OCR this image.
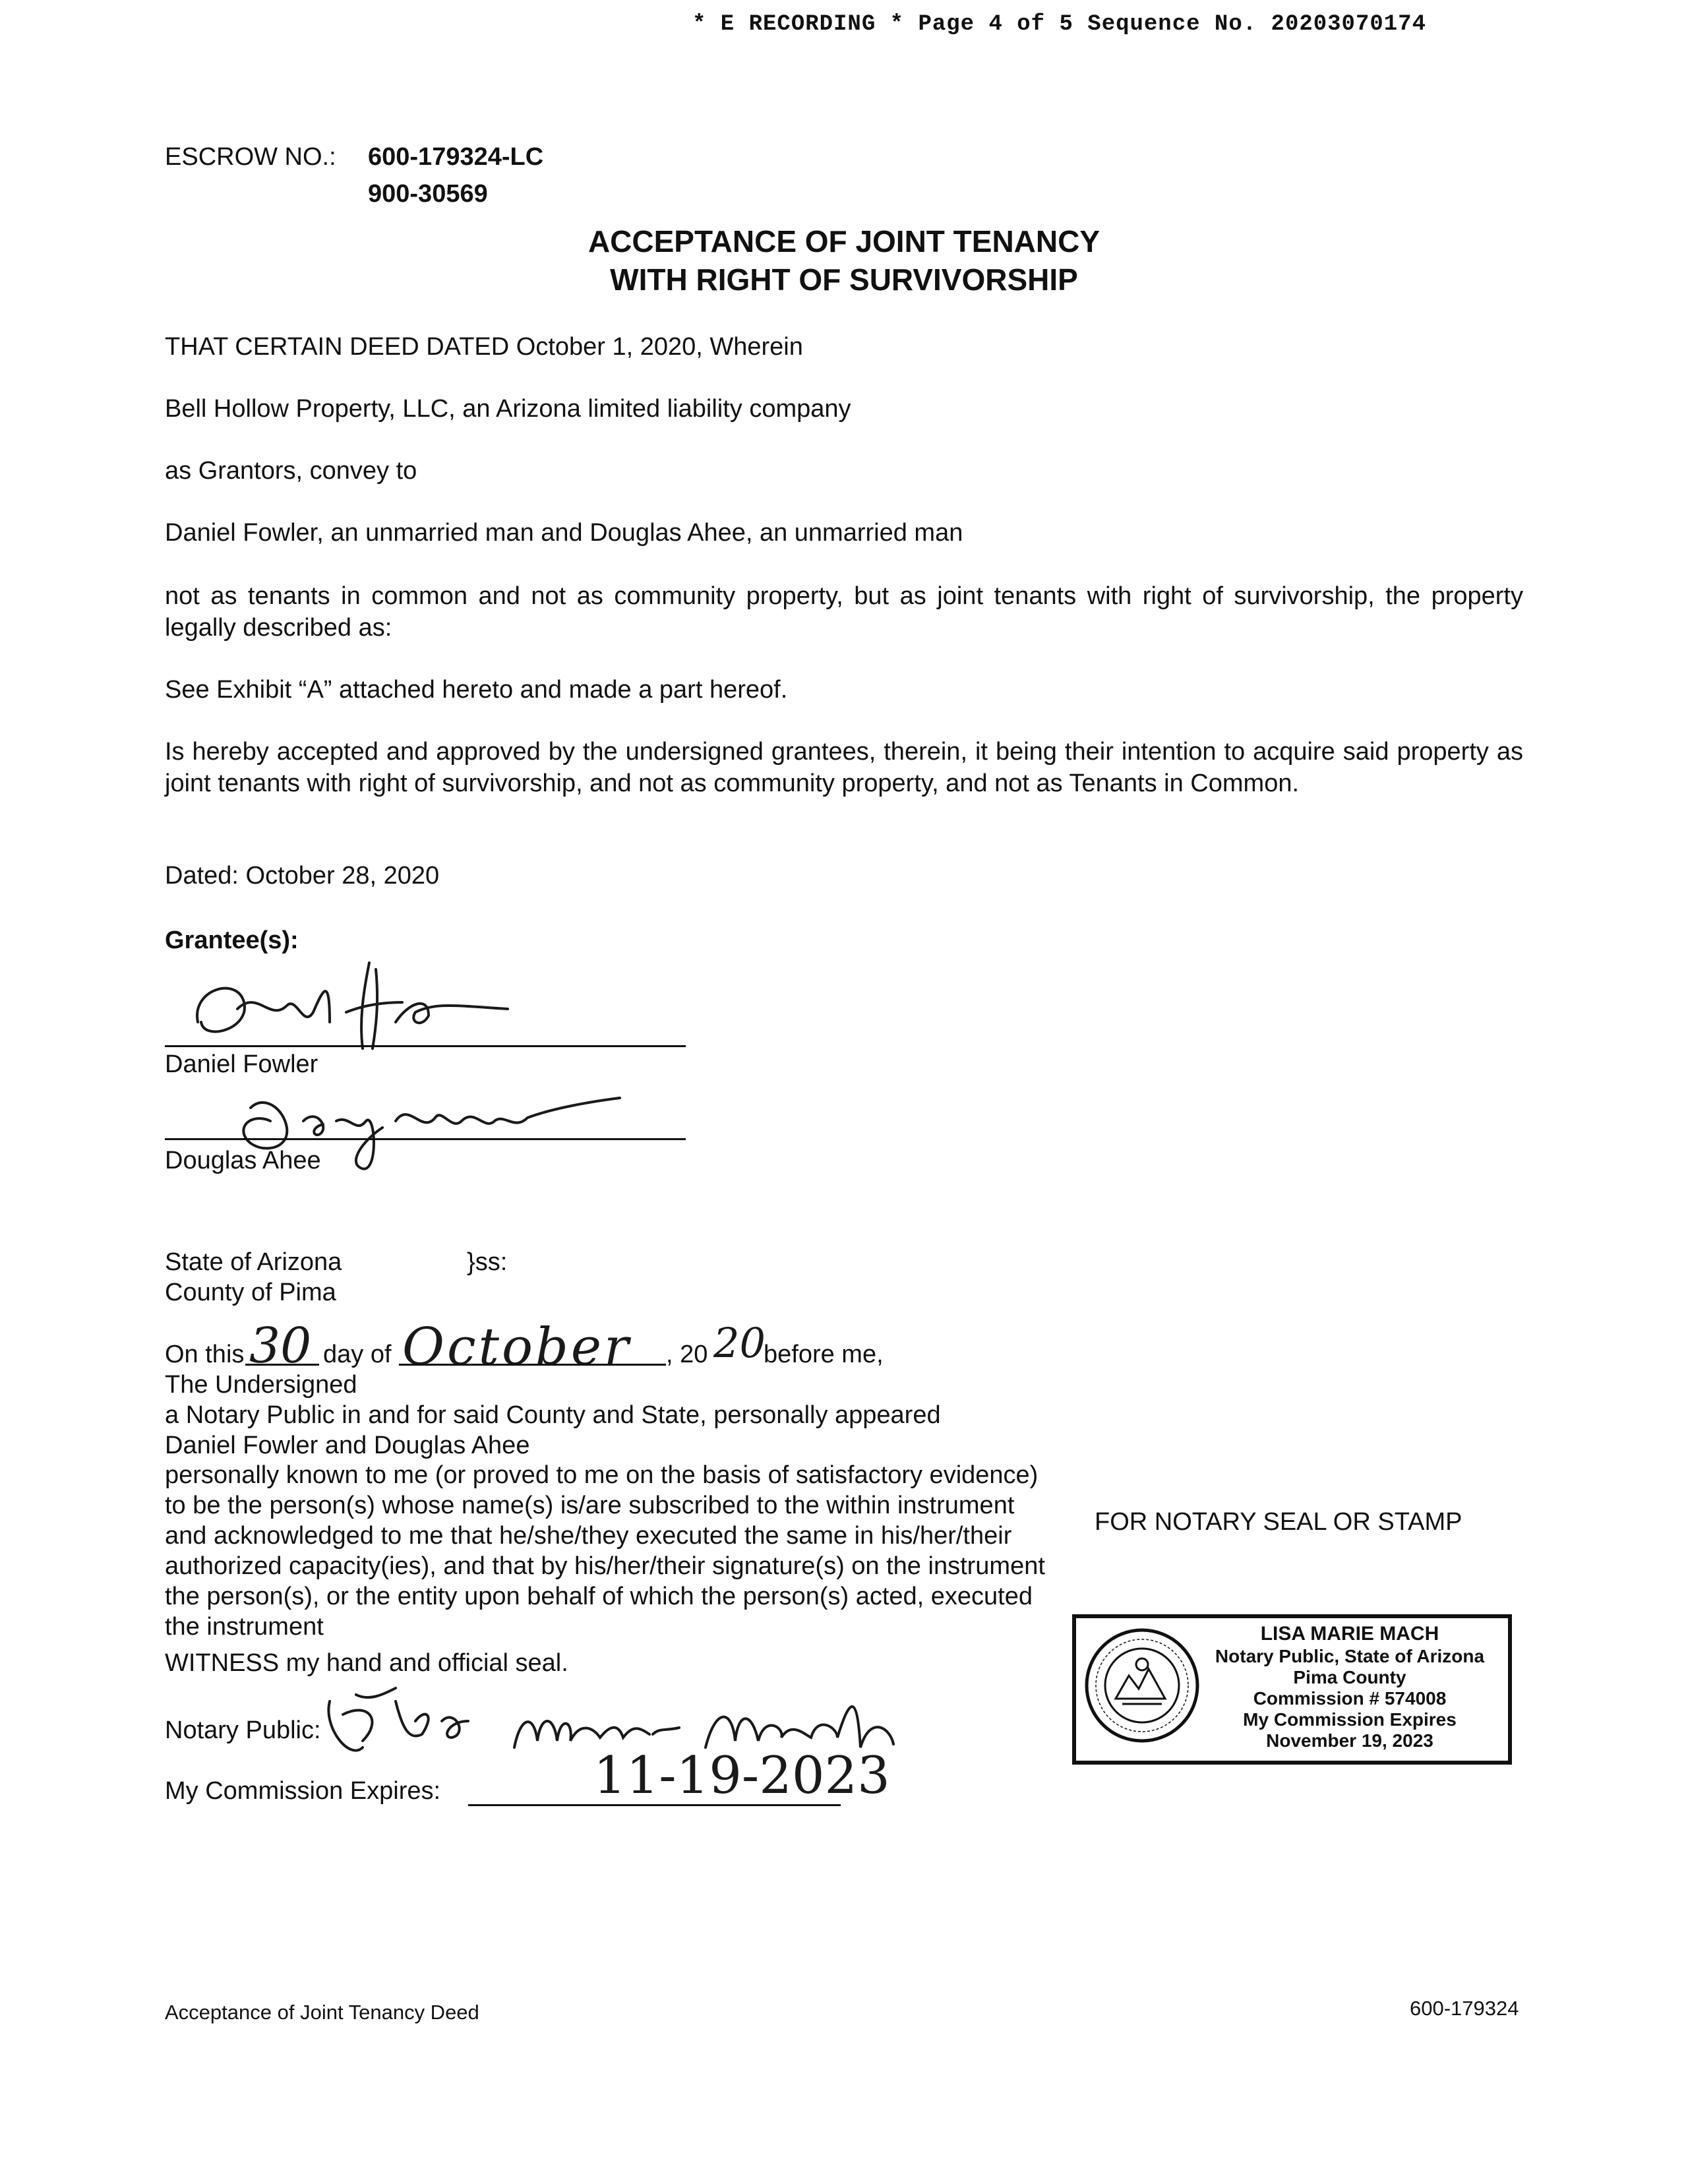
* E RECORDING * Page 4 of 5 Sequence No. 20203070174
ESCROW NO.: 600-179324-LC
900-30569
ACCEPTANCE OF JOINT TENANCY
WITH RIGHT OF SURVIVORSHIP
THAT CERTAIN DEED DATED October 1, 2020, Wherein
Bell Hollow Property, LLC, an Arizona limited liability company
as Grantors, convey to
Daniel Fowler, an unmarried man and Douglas Ahee, an unmarried man
not as tenants in common and not as community property, but as joint tenants with right of survivorship, the property legally described as:
See Exhibit “A” attached hereto and made a part hereof.
Is hereby accepted and approved by the undersigned grantees, therein, it being their intention to acquire said property as joint tenants with right of survivorship, and not as community property, and not as Tenants in Common.
Dated: October 28, 2020
Grantee(s):
Daniel Fowler
Douglas Ahee
State of Arizona	}ss:
County of Pima
On this 30 day of October , 20 20
before me,
The Undersigned
a Notary Public in and for said County and State, personally appeared
Daniel Fowler and Douglas Ahee
personally known to me (or proved to me on the basis of satisfactory evidence) to be the person(s) whose name(s) is/are subscribed to the within instrument and acknowledged to me that he/she/they executed the same in his/her/their authorized capacity(ies), and that by his/her/their signature(s) on the instrument the person(s), or the entity upon behalf of which the person(s) acted, executed the instrument
WITNESS my hand and official seal.
Notary Public:
My Commission Expires:	11-19-2023
FOR NOTARY SEAL OR STAMP
LISA MARIE MACH
Notary Public, State of Arizona
Pima County
Commission # 574008
My Commission Expires
November 19, 2023
Acceptance of Joint Tenancy Deed	600-179324
